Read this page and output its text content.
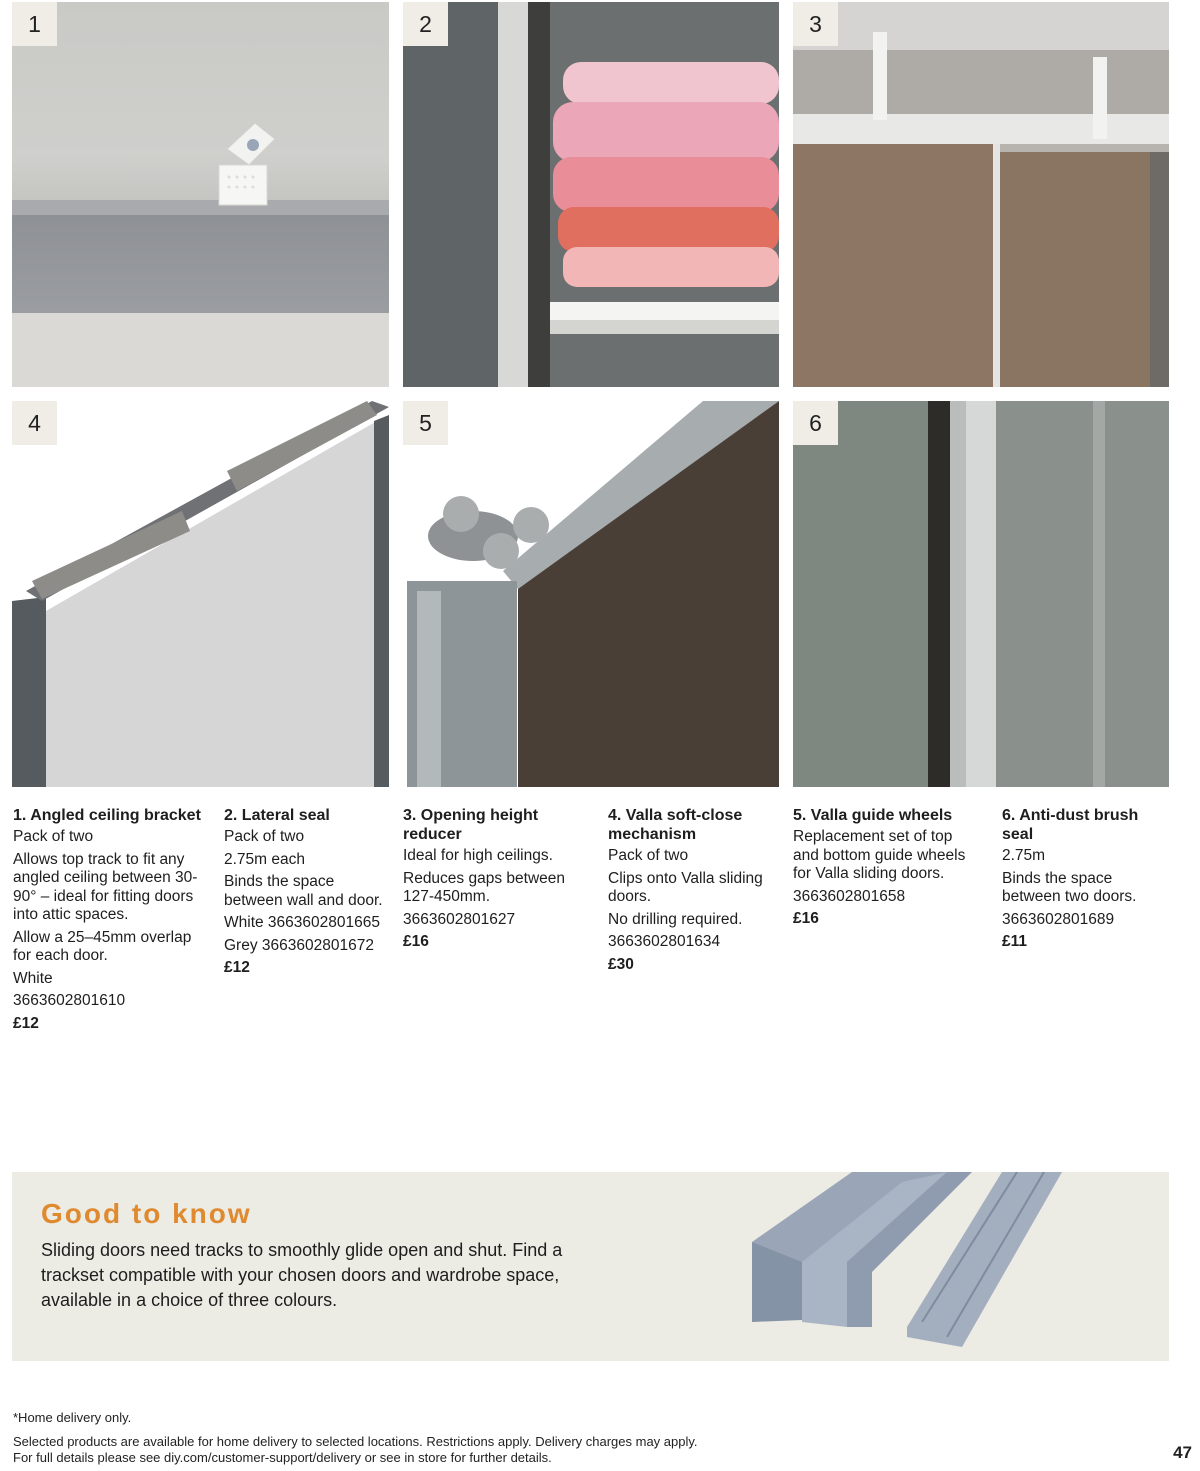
1	2	3
4	5	6
1. Angled ceiling bracket
Pack of two
Allows top track to fit any angled ceiling between 30-90° – ideal for fitting doors into attic spaces.
Allow a 25–45mm overlap for each door.
White
3663602801610
£12
2. Lateral seal
Pack of two
2.75m each
Binds the space between wall and door.
White 3663602801665
Grey 3663602801672
£12
3. Opening height reducer
Ideal for high ceilings.
Reduces gaps between 127-450mm.
3663602801627
£16
4. Valla soft-close mechanism
Pack of two
Clips onto Valla sliding doors.
No drilling required.
3663602801634
£30
5. Valla guide wheels
Replacement set of top and bottom guide wheels for Valla sliding doors.
3663602801658
£16
6. Anti-dust brush seal
2.75m
Binds the space between two doors.
3663602801689
£11
Good to know
Sliding doors need tracks to smoothly glide open and shut. Find a trackset compatible with your chosen doors and wardrobe space, available in a choice of three colours.
*Home delivery only.
Selected products are available for home delivery to selected locations. Restrictions apply. Delivery charges may apply.
For full details please see diy.com/customer-support/delivery or see in store for further details.	47
